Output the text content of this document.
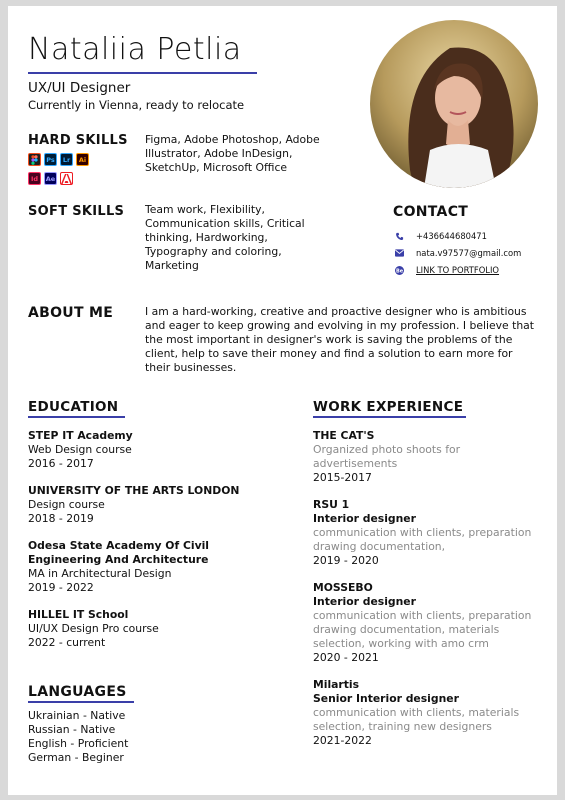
Nataliia Petlia
UX/UI Designer
Currently in Vienna, ready to relocate
HARD SKILLS
Ps Lr Ai
Id Ae
Figma, Adobe Photoshop, Adobe Illustrator, Adobe InDesign, SketchUp, Microsoft Office
SOFT SKILLS Team work, Flexibility,
Communication skills, Critical
thinking, Hardworking,
Typography and coloring,
Marketing
CONTACT
+436644680471
nata.v97577@gmail.com
Be LINK TO PORTFOLIO
ABOUT ME	I am a hard-working, creative and proactive designer who is ambitious
and eager to keep growing and evolving in my profession. I believe that
the most important in designer's work is saving the problems of the
client, help to save their money and find a solution to earn more for
their businesses.
EDUCATION
STEP IT Academy
Web Design course
2016 - 2017
UNIVERSITY OF THE ARTS LONDON
Design course
2018 - 2019
Odesa State Academy Of Civil
Engineering And Architecture
MA in Architectural Design
2019 - 2022
HILLEL IT School
UI/UX Design Pro course
2022 - current
LANGUAGES
Ukrainian - Native
Russian - Native
English - Proficient
German - Beginer
WORK EXPERIENCE
THE CAT'S
Organized photo shoots for
advertisements
2015-2017
RSU 1
Interior designer
communication with clients, preparation
drawing documentation,
2019 - 2020
MOSSEBO
Interior designer
communication with clients, preparation
drawing documentation, materials
selection, working with amo crm
2020 - 2021
Milartis
Senior Interior designer
communication with clients, materials
selection, training new designers
2021-2022
